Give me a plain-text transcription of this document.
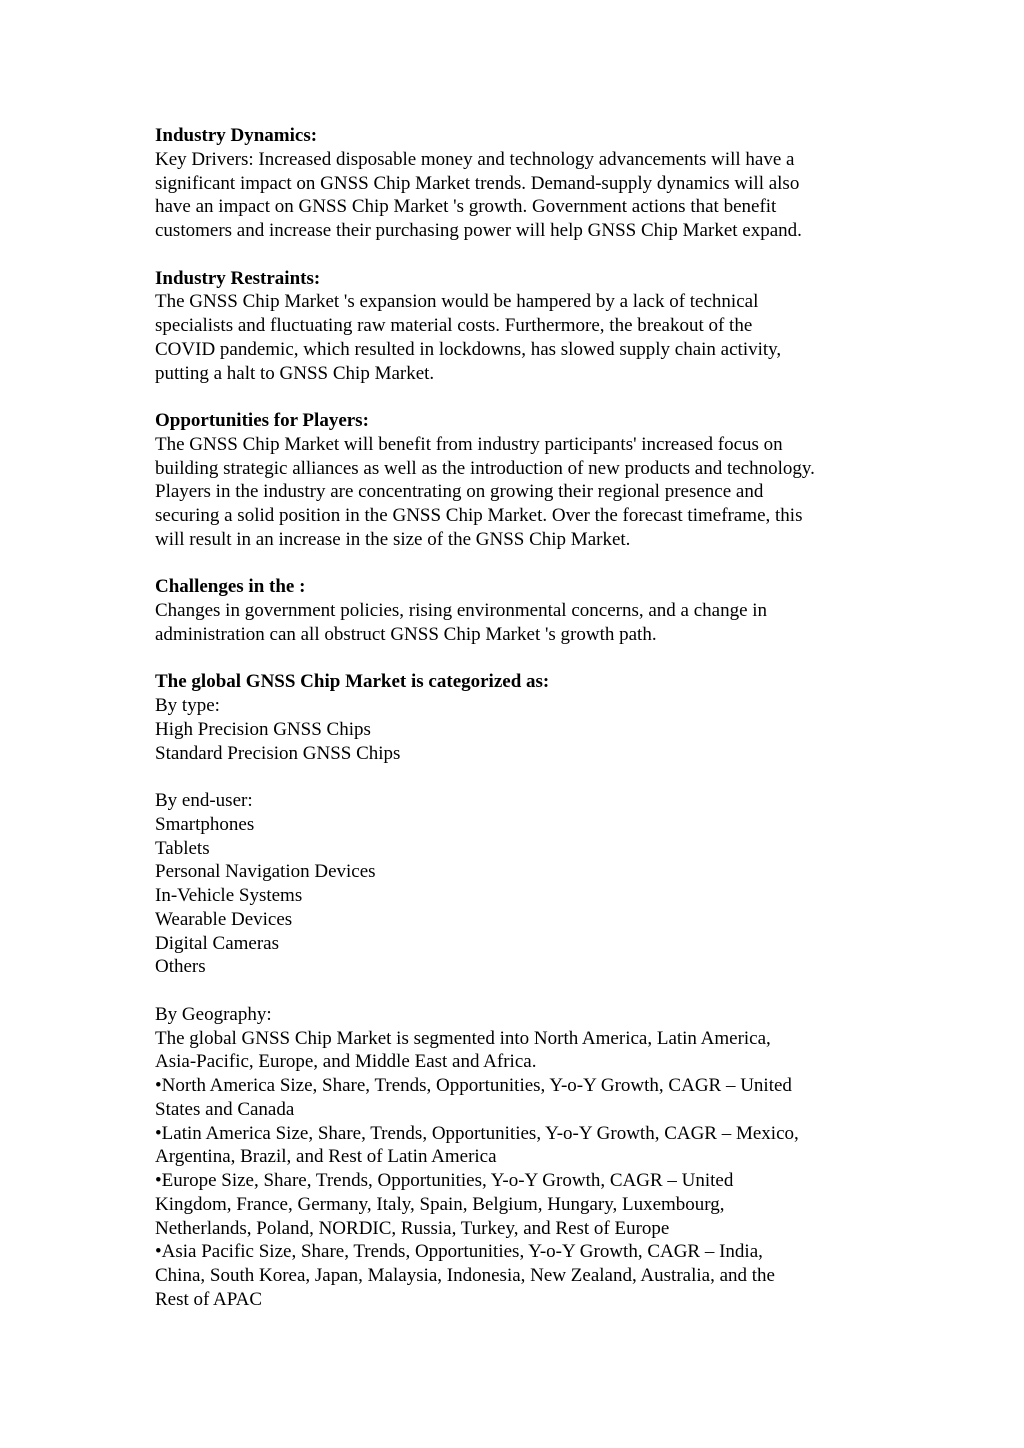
Industry Dynamics:

Key Drivers: Increased disposable money and technology advancements will have a
significant impact on GNSS Chip Market trends. Demand-supply dynamics will also
have an impact on GNSS Chip Market 's growth. Government actions that benefit
customers and increase their purchasing power will help GNSS Chip Market expand.

Industry Restraints:

The GNSS Chip Market 's expansion would be hampered by a lack of technical
specialists and fluctuating raw material costs. Furthermore, the breakout of the
COVID pandemic, which resulted in lockdowns, has slowed supply chain activity,
putting a halt to GNSS Chip Market.

Opportunities for Players:

The GNSS Chip Market will benefit from industry participants' increased focus on
building strategic alliances as well as the introduction of new products and technology.
Players in the industry are concentrating on growing their regional presence and
securing a solid position in the GNSS Chip Market. Over the forecast timeframe, this
will result in an increase in the size of the GNSS Chip Market.

Challenges in the :

Changes in government policies, rising environmental concerns, and a change in
administration can all obstruct GNSS Chip Market 's growth path.

The global GNSS Chip Market is categorized as:

By type:

High Precision GNSS Chips

Standard Precision GNSS Chips

By end-user:

Smartphones

Tablets

Personal Navigation Devices

In-Vehicle Systems

Wearable Devices

Digital Cameras

Others

By Geography:

The global GNSS Chip Market is segmented into North America, Latin America,
Asia-Pacific, Europe, and Middle East and Africa.

•North America Size, Share, Trends, Opportunities, Y-o-Y Growth, CAGR – United
States and Canada

•Latin America Size, Share, Trends, Opportunities, Y-o-Y Growth, CAGR – Mexico,
Argentina, Brazil, and Rest of Latin America

•Europe Size, Share, Trends, Opportunities, Y-o-Y Growth, CAGR – United
Kingdom, France, Germany, Italy, Spain, Belgium, Hungary, Luxembourg,
Netherlands, Poland, NORDIC, Russia, Turkey, and Rest of Europe

•Asia Pacific Size, Share, Trends, Opportunities, Y-o-Y Growth, CAGR – India,
China, South Korea, Japan, Malaysia, Indonesia, New Zealand, Australia, and the
Rest of APAC
